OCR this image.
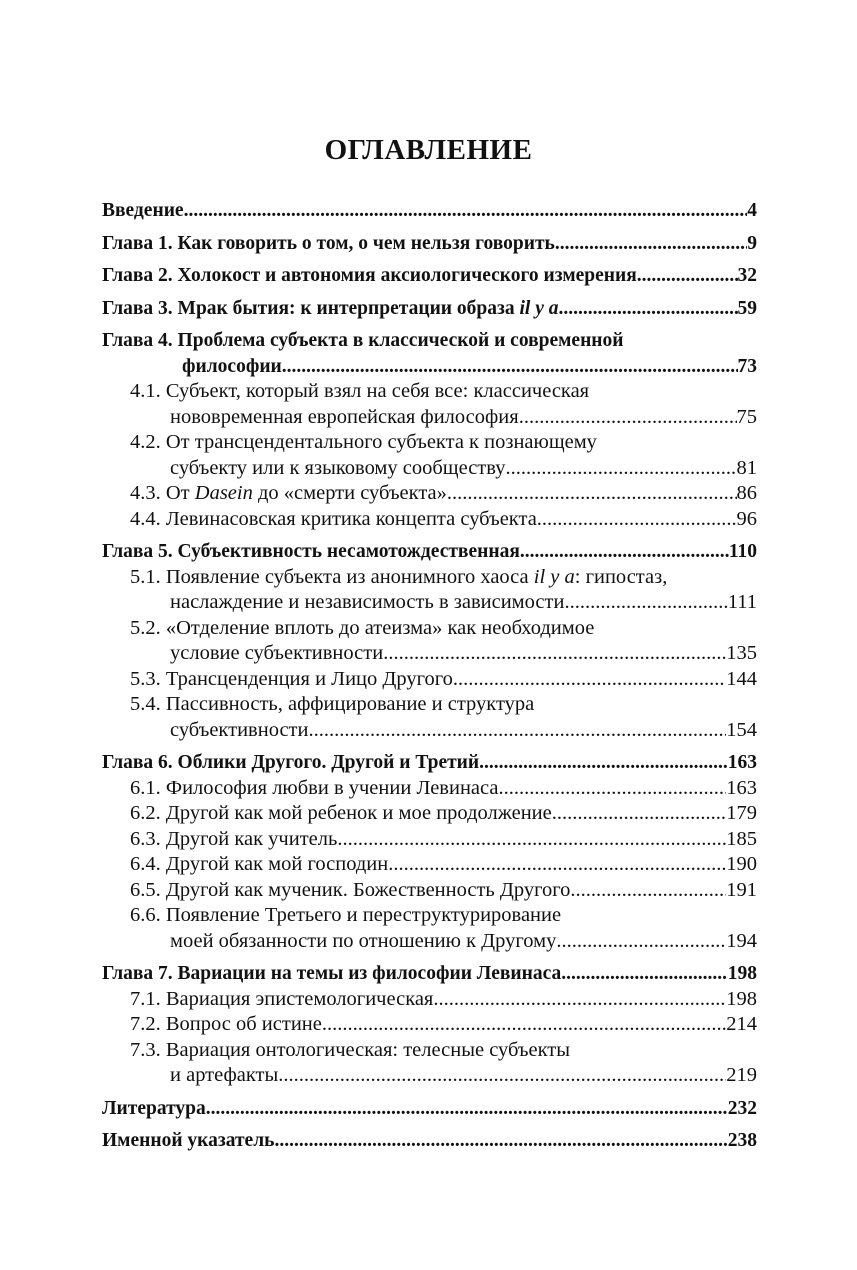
ОГЛАВЛЕНИЕ
Введение .....	4
Глава 1. Как говорить о том, о чем нельзя говорить .....	9
Глава 2. Холокост и автономия аксиологического измерения .....	32
Глава 3. Мрак бытия: к интерпретации образа il y a .....	59
Глава 4. Проблема субъекта в классической и современной
философии .....	73
4.1. Субъект, который взял на себя все: классическая
нововременная европейская философия .....	75
4.2. От трансцендентального субъекта к познающему
субъекту или к языковому сообществу .....	81
4.3. От Dasein до «смерти субъекта» .....	86
4.4. Левинасовская критика концепта субъекта .....	96
Глава 5. Субъективность несамотождественная .....	110
5.1. Появление субъекта из анонимного хаоса il y a: гипостаз,
наслаждение и независимость в зависимости .....	111
5.2. «Отделение вплоть до атеизма» как необходимое
условие субъективности .....	135
5.3. Трансценденция и Лицо Другого .....	144
5.4. Пассивность, аффицирование и структура
субъективности .....	154
Глава 6. Облики Другого. Другой и Третий .....	163
6.1. Философия любви в учении Левинаса .....	163
6.2. Другой как мой ребенок и мое продолжение .....	179
6.3. Другой как учитель .....	185
6.4. Другой как мой господин .....	190
6.5. Другой как мученик. Божественность Другого .....	191
6.6. Появление Третьего и переструктурирование
моей обязанности по отношению к Другому .....	194
Глава 7. Вариации на темы из философии Левинаса .....	198
7.1. Вариация эпистемологическая .....	198
7.2. Вопрос об истине .....	214
7.3. Вариация онтологическая: телесные субъекты
и артефакты .....	219
Литература .....	232
Именной указатель .....	238
